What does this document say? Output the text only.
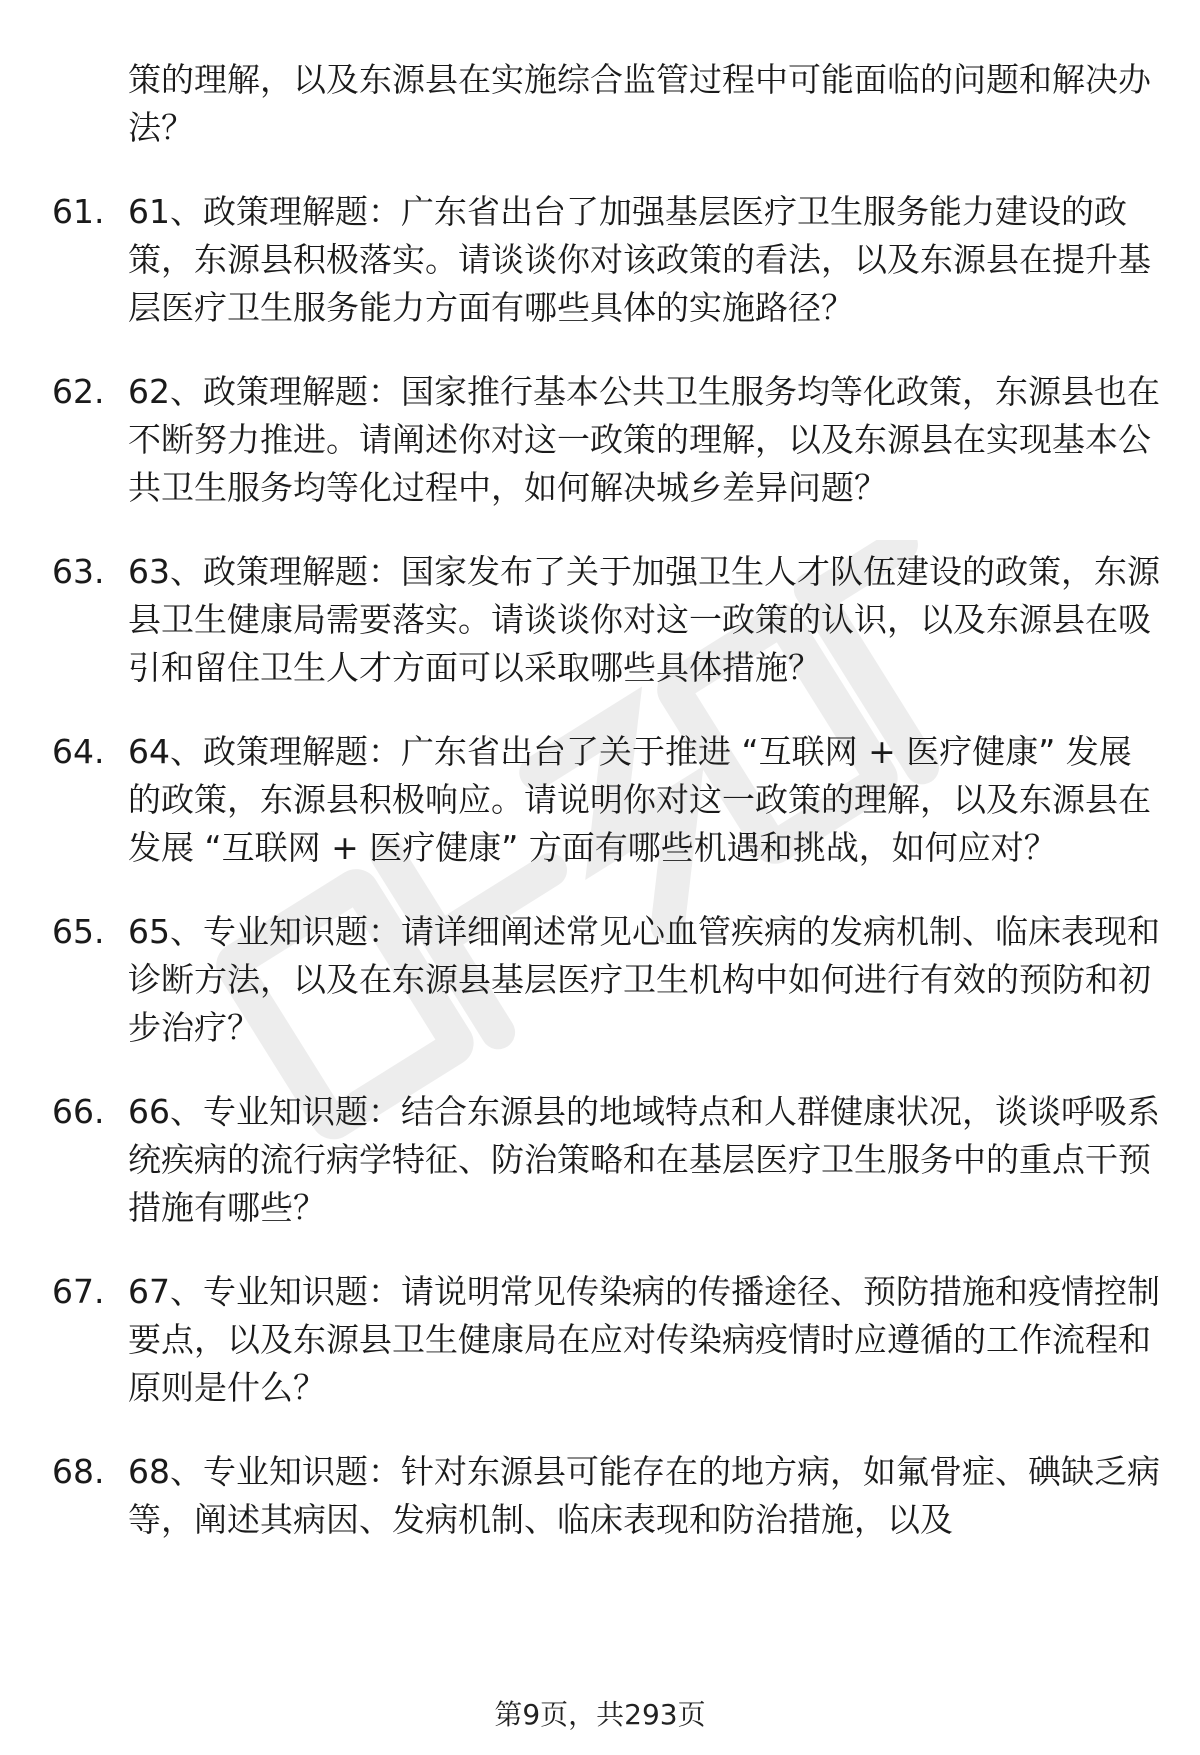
策的理解，以及东源县在实施综合监管过程中可能面临的问题和解决办法？

61. 61、政策理解题：广东省出台了加强基层医疗卫生服务能力建设的政策，东源县积极落实。请谈谈你对该政策的看法，以及东源县在提升基层医疗卫生服务能力方面有哪些具体的实施路径？

62. 62、政策理解题：国家推行基本公共卫生服务均等化政策，东源县也在不断努力推进。请阐述你对这一政策的理解，以及东源县在实现基本公共卫生服务均等化过程中，如何解决城乡差异问题？

63. 63、政策理解题：国家发布了关于加强卫生人才队伍建设的政策，东源县卫生健康局需要落实。请谈谈你对这一政策的认识，以及东源县在吸引和留住卫生人才方面可以采取哪些具体措施？

64. 64、政策理解题：广东省出台了关于推进 “互联网 + 医疗健康” 发展的政策，东源县积极响应。请说明你对这一政策的理解，以及东源县在发展 “互联网 + 医疗健康” 方面有哪些机遇和挑战，如何应对？

65. 65、专业知识题：请详细阐述常见心血管疾病的发病机制、临床表现和诊断方法，以及在东源县基层医疗卫生机构中如何进行有效的预防和初步治疗？

66. 66、专业知识题：结合东源县的地域特点和人群健康状况，谈谈呼吸系统疾病的流行病学特征、防治策略和在基层医疗卫生服务中的重点干预措施有哪些？

67. 67、专业知识题：请说明常见传染病的传播途径、预防措施和疫情控制要点，以及东源县卫生健康局在应对传染病疫情时应遵循的工作流程和原则是什么？

68. 68、专业知识题：针对东源县可能存在的地方病，如氟骨症、碘缺乏病等，阐述其病因、发病机制、临床表现和防治措施，以及

第9页，共293页
